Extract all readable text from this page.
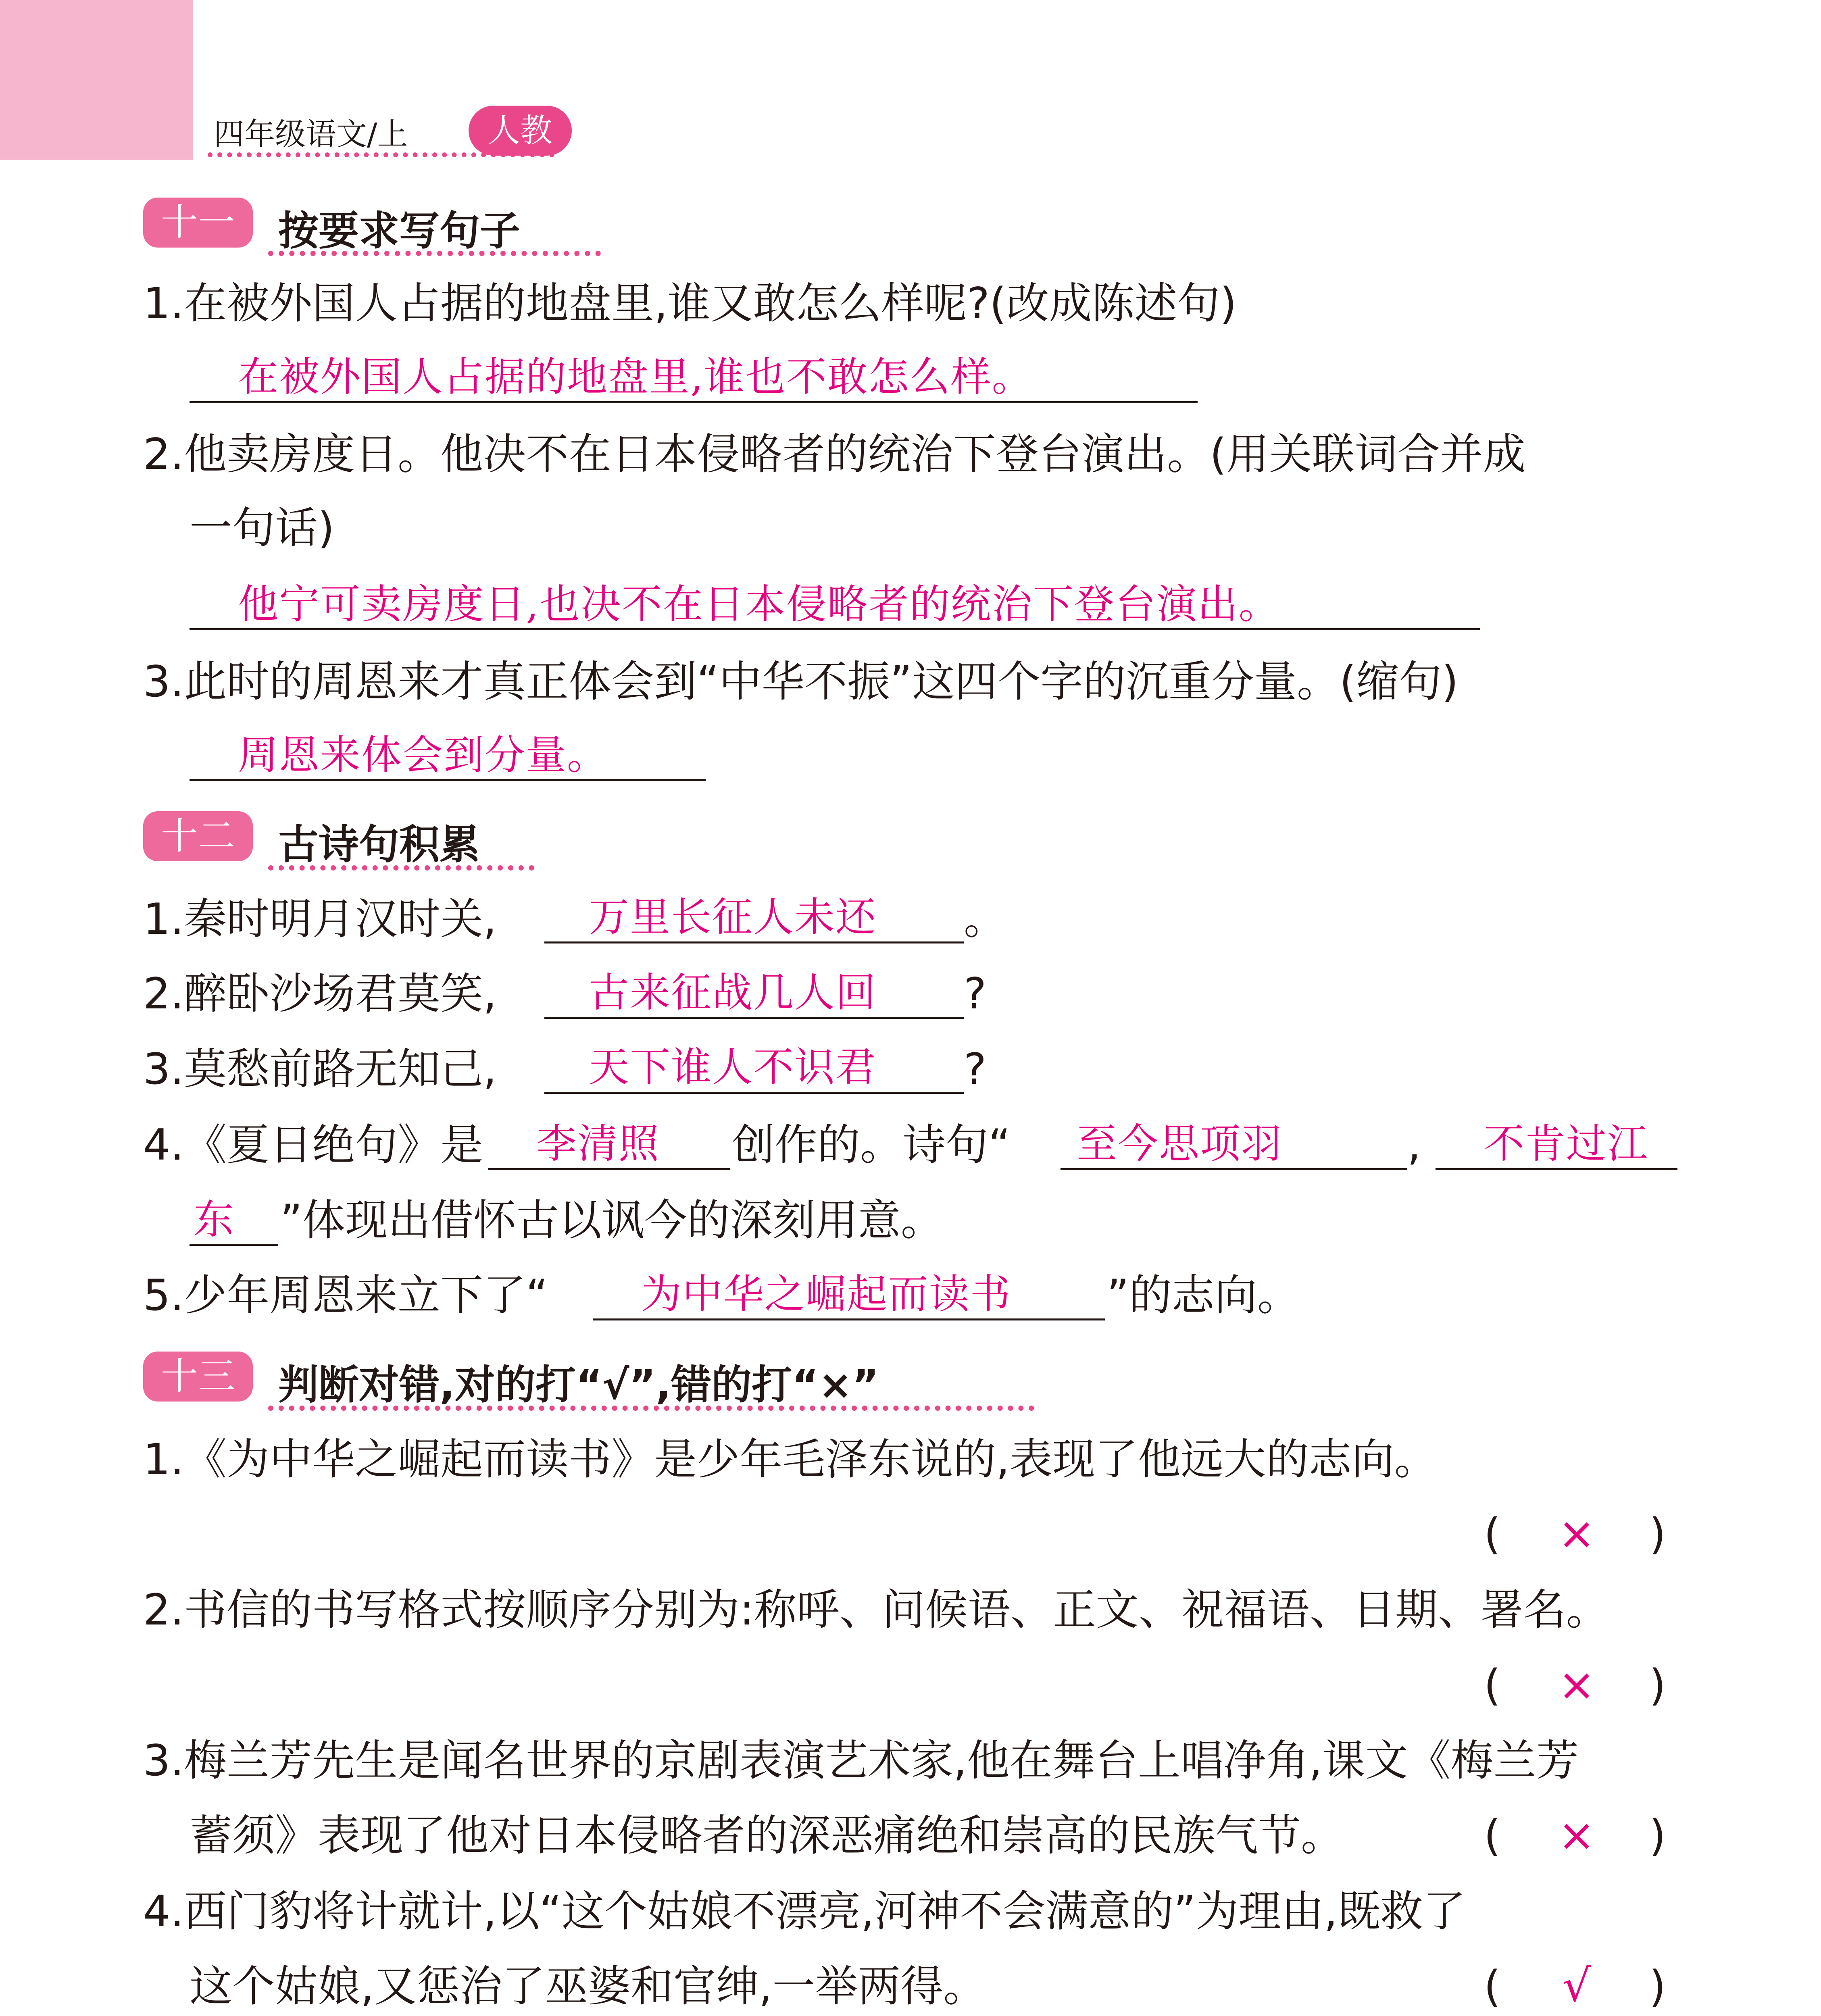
四年级语文/上	人教
十一	按要求写句子
1.在被外国人占据的地盘里,谁又敢怎么样呢?(改成陈述句)
在被外国人占据的地盘里,谁也不敢怎么样。
2.他卖房度日。他决不在日本侵略者的统治下登台演出。(用关联词合并成
一句话)
他宁可卖房度日,也决不在日本侵略者的统治下登台演出。
3.此时的周恩来才真正体会到“中华不振”这四个字的沉重分量。(缩句)
周恩来体会到分量。
十二	古诗句积累
1.秦时明月汉时关, 万里长征人未还 。
2.醉卧沙场君莫笑, 古来征战几人回 ?
3.莫愁前路无知己, 天下谁人不识君 ?
4.《夏日绝句》是 李清照 创作的。诗句“ 至今思项羽	, 不肯过江
东 ”体现出借怀古以讽今的深刻用意。
5.少年周恩来立下了“ 为中华之崛起而读书 ”的志向。
十三	判断对错,对的打“√”,错的打“×”
1.《为中华之崛起而读书》是少年毛泽东说的,表现了他远大的志向。
(	×	)
2.书信的书写格式按顺序分别为:称呼、问候语、正文、祝福语、日期、署名。
(	×	)
3.梅兰芳先生是闻名世界的京剧表演艺术家,他在舞台上唱净角,课文《梅兰芳
蓄须》表现了他对日本侵略者的深恶痛绝和崇高的民族气节。	(	×	)
4.西门豹将计就计,以“这个姑娘不漂亮,河神不会满意的”为理由,既救了
这个姑娘,又惩治了巫婆和官绅,一举两得。	(	√	)
